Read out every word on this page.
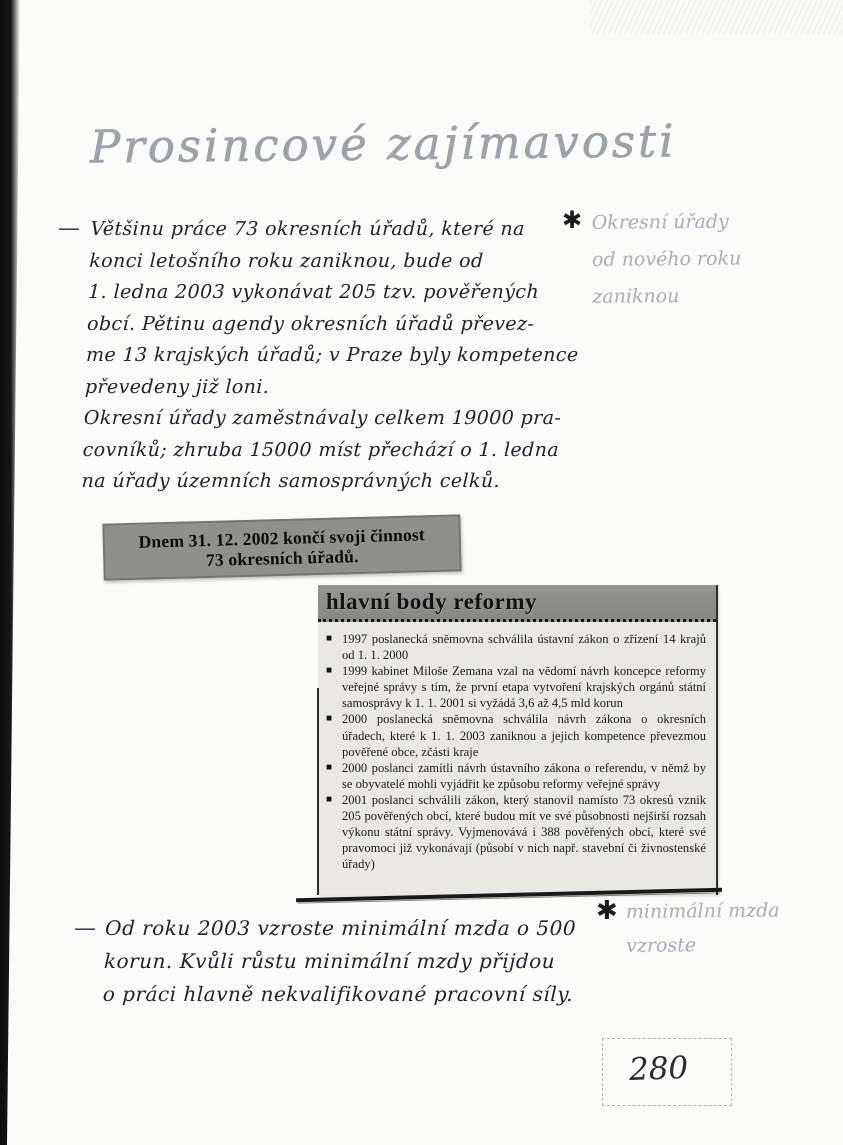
Prosincové zajímavosti
— Většinu práce 73 okresních úřadů, které na
konci letošního roku zaniknou, bude od
1. ledna 2003 vykonávat 205 tzv. pověřených
obcí. Pětinu agendy okresních úřadů převez-
me 13 krajských úřadů; v Praze byly kompetence
převedeny již loni.
Okresní úřady zaměstnávaly celkem 19000 pra-
covníků; zhruba 15000 míst přechází o 1. ledna
na úřady územních samosprávných celků.
✱ Okresní úřady
od nového roku
zaniknou
Dnem 31. 12. 2002 končí svoji činnost
73 okresních úřadů.
hlavní body reformy
■ 1997 poslanecká sněmovna schválila ústavní zákon o zřízení 14 krajů od 1. 1. 2000
■ 1999 kabinet Miloše Zemana vzal na vědomí návrh koncepce reformy veřejné správy s tím, že první etapa vytvoření krajských orgánů státní samosprávy k 1. 1. 2001 si vyžádá 3,6 až 4,5 mld korun
■ 2000 poslanecká sněmovna schválila návrh zákona o okresních úřadech, které k 1. 1. 2003 zaniknou a jejich kompetence převezmou pověřené obce, zčásti kraje
■ 2000 poslanci zamítli návrh ústavního zákona o referendu, v němž by se obyvatelé mohli vyjádřit ke způsobu reformy veřejné správy
■ 2001 poslanci schválili zákon, který stanovil namísto 73 okresů vznik 205 pověřených obcí, které budou mít ve své působnosti nejširší rozsah výkonu státní správy. Vyjmenovává i 388 pověřených obcí, které své pravomoci již vykonávají (působí v nich např. stavební či živnostenské úřady)
— Od roku 2003 vzroste minimální mzda o 500
korun. Kvůli růstu minimální mzdy přijdou
o práci hlavně nekvalifikované pracovní síly.
✱ minimální mzda
vzroste
280
